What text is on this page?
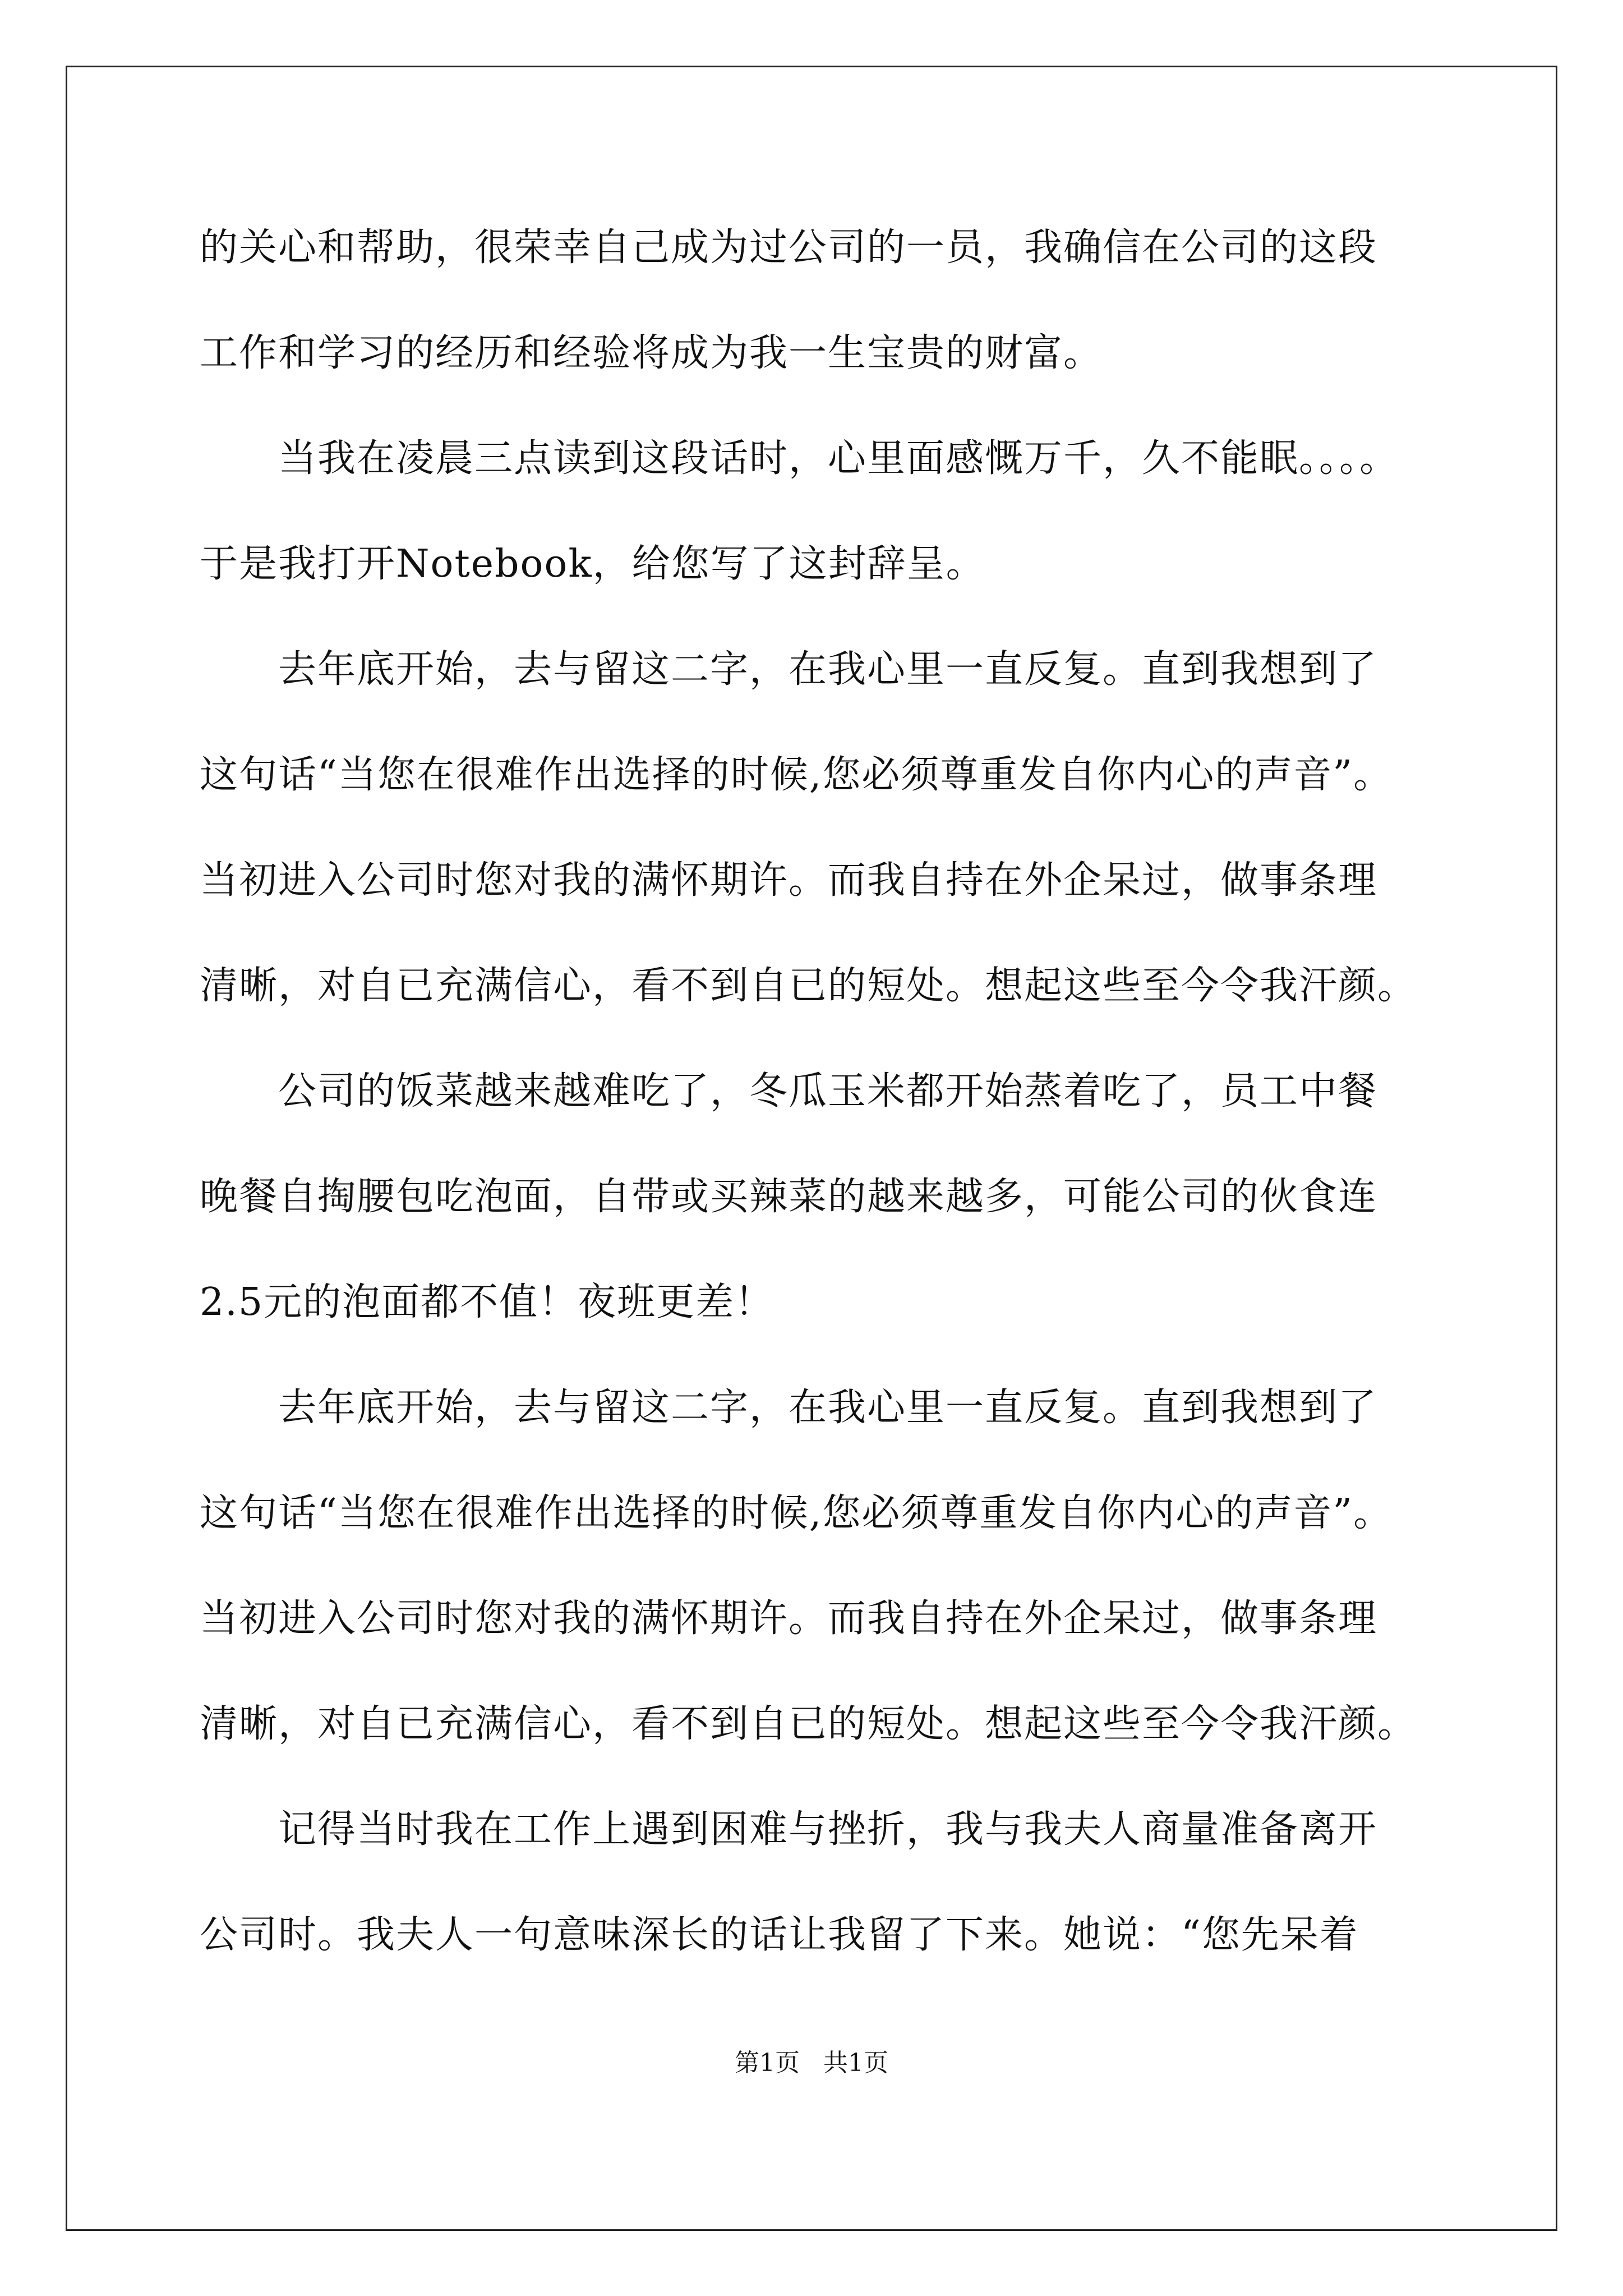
的关心和帮助，很荣幸自己成为过公司的一员，我确信在公司的这段
工作和学习的经历和经验将成为我一生宝贵的财富。
当我在凌晨三点读到这段话时，心里面感慨万千，久不能眠。。。。
于是我打开Notebook，给您写了这封辞呈。
去年底开始，去与留这二字，在我心里一直反复。直到我想到了
这句话“当您在很难作出选择的时候,您必须尊重发自你内心的声音”。
当初进入公司时您对我的满怀期许。而我自持在外企呆过，做事条理
清晰，对自已充满信心，看不到自已的短处。想起这些至今令我汗颜。
公司的饭菜越来越难吃了，冬瓜玉米都开始蒸着吃了，员工中餐
晚餐自掏腰包吃泡面，自带或买辣菜的越来越多，可能公司的伙食连
2.5元的泡面都不值！夜班更差！
去年底开始，去与留这二字，在我心里一直反复。直到我想到了
这句话“当您在很难作出选择的时候,您必须尊重发自你内心的声音”。
当初进入公司时您对我的满怀期许。而我自持在外企呆过，做事条理
清晰，对自已充满信心，看不到自已的短处。想起这些至今令我汗颜。
记得当时我在工作上遇到困难与挫折，我与我夫人商量准备离开
公司时。我夫人一句意味深长的话让我留了下来。她说：“您先呆着
第1页   共1页
